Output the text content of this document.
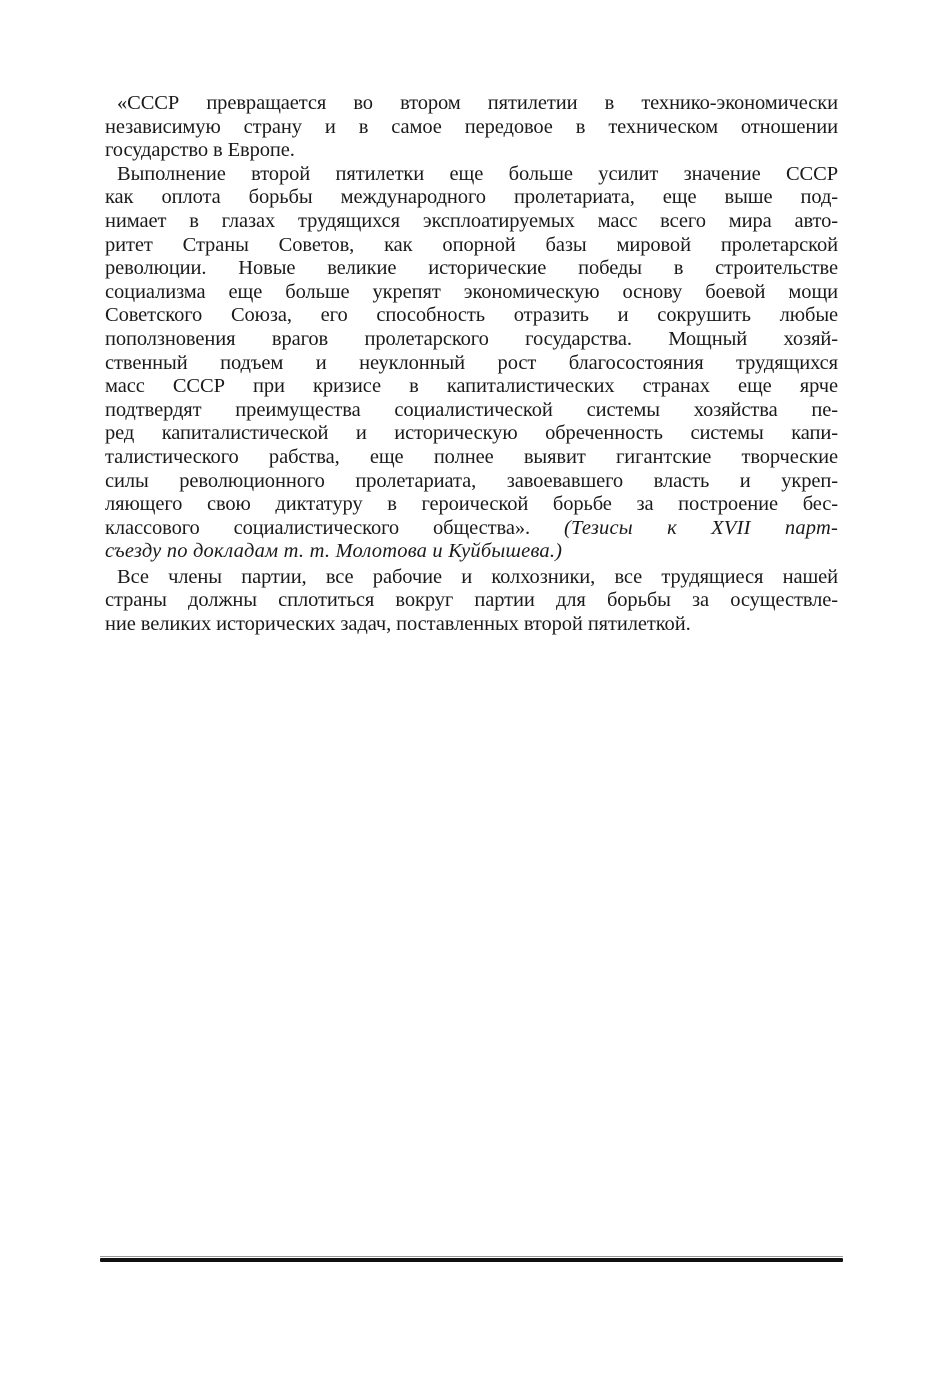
«СССР превращается во втором пятилетии в технико-экономически
независимую страну и в самое передовое в техническом отношении
государство в Европе.
Выполнение второй пятилетки еще больше усилит значение СССР
как оплота борьбы международного пролетариата, еще выше под-
нимает в глазах трудящихся эксплоатируемых масс всего мира авто-
ритет Страны Советов, как опорной базы мировой пролетарской
революции. Новые великие исторические победы в строительстве
социализма еще больше укрепят экономическую основу боевой мощи
Советского Союза, его способность отразить и сокрушить любые
поползновения врагов пролетарского государства. Мощный хозяй-
ственный подъем и неуклонный рост благосостояния трудящихся
масс СССР при кризисе в капиталистических странах еще ярче
подтвердят преимущества социалистической системы хозяйства пе-
ред капиталистической и историческую обреченность системы капи-
талистического рабства, еще полнее выявит гигантские творческие
силы революционного пролетариата, завоевавшего власть и укреп-
ляющего свою диктатуру в героической борьбе за построение бес-
классового социалистического общества». (Тезисы к XVII парт-
съезду по докладам т. т. Молотова и Куйбышева.)
Все члены партии, все рабочие и колхозники, все трудящиеся нашей
страны должны сплотиться вокруг партии для борьбы за осуществле-
ние великих исторических задач, поставленных второй пятилеткой.
